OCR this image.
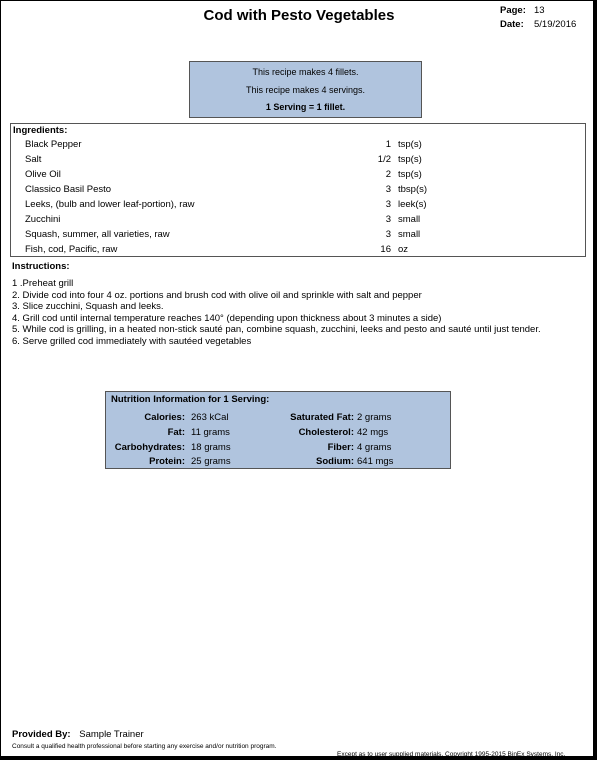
Cod with Pesto Vegetables	Page: 13
Date: 5/19/2016
This recipe makes 4 fillets.
This recipe makes 4 servings.
1 Serving = 1 fillet.
Ingredients:
Black Pepper	1 tsp(s)
Salt	1/2 tsp(s)
Olive Oil	2 tsp(s)
Classico Basil Pesto	3 tbsp(s)
Leeks, (bulb and lower leaf-portion), raw	3 leek(s)
Zucchini	3 small
Squash, summer, all varieties, raw	3 small
Fish, cod, Pacific, raw	16 oz
Instructions:
1 .Preheat grill
2. Divide cod into four 4 oz. portions and brush cod with olive oil and sprinkle with salt and pepper
3. Slice zucchini, Squash and leeks.
4. Grill cod until internal temperature reaches 140° (depending upon thickness about 3 minutes a side)
5. While cod is grilling, in a heated non-stick sauté pan, combine squash, zucchini, leeks and pesto and sauté until just tender.
6. Serve grilled cod immediately with sautéed vegetables
Nutrition Information for 1 Serving:
Calories: 263 kCal	Saturated Fat: 2 grams
Fat: 11 grams	Cholesterol: 42 mgs
Carbohydrates: 18 grams	Fiber: 4 grams
Protein: 25 grams	Sodium: 641 mgs
Provided By: Sample Trainer
Consult a qualified health professional before starting any exercise and/or nutrition program.
Except as to user supplied materials, Copyright 1995-2015 BinEx Systems, Inc.
